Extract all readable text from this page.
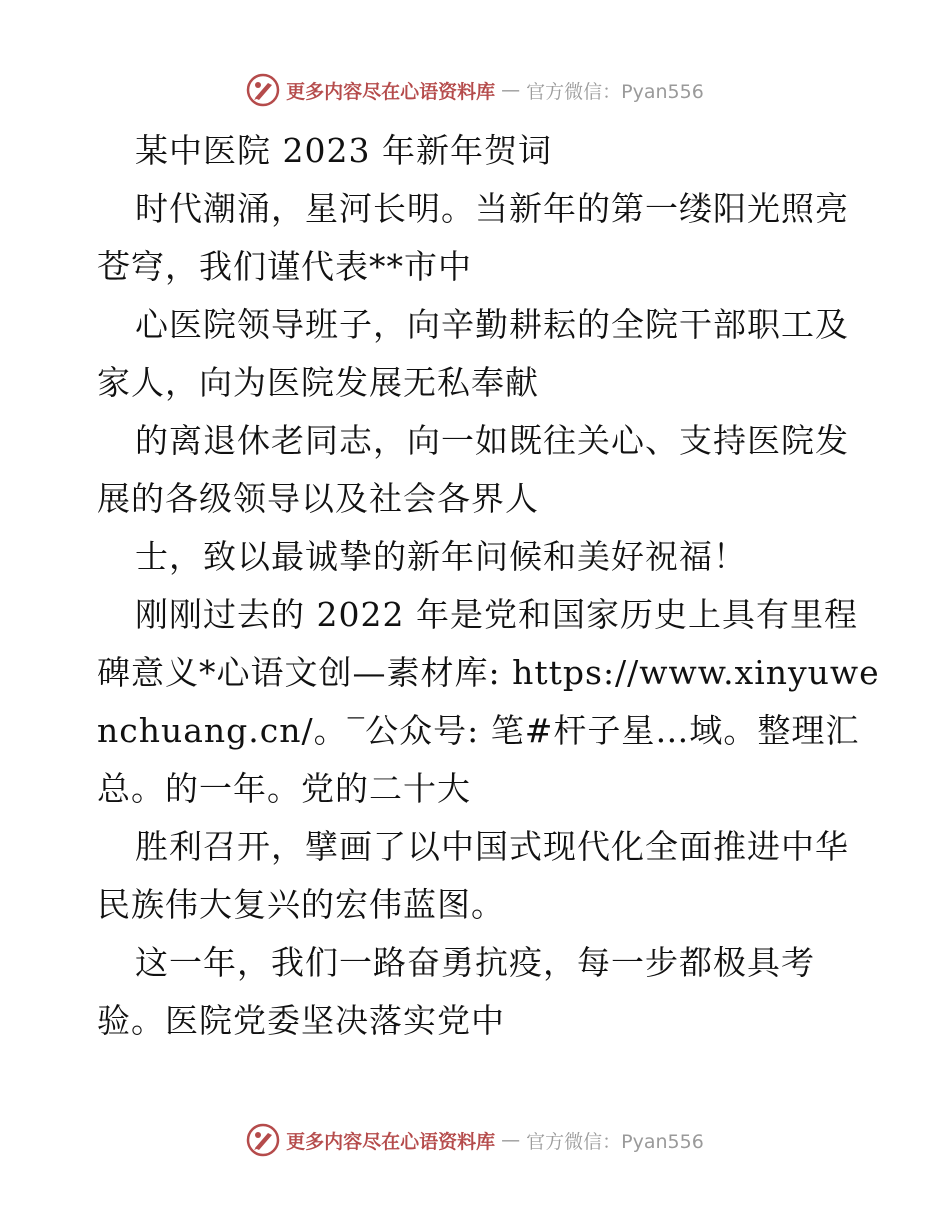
更多内容尽在心语资料库 — 官方微信：Pyan556
某中医院 2023 年新年贺词
时代潮涌，星河长明。当新年的第一缕阳光照亮
苍穹，我们谨代表**市中
心医院领导班子，向辛勤耕耘的全院干部职工及
家人，向为医院发展无私奉献
的离退休老同志，向一如既往关心、支持医院发
展的各级领导以及社会各界人
士，致以最诚挚的新年问候和美好祝福！
刚刚过去的 2022 年是党和国家历史上具有里程
碑意义*心语文创—素材库: https://www.xinyuwe
nchuang.cn/。‾公众号: 笔#杆子星…域。整理汇
总。的一年。党的二十大
胜利召开，擘画了以中国式现代化全面推进中华
民族伟大复兴的宏伟蓝图。
这一年，我们一路奋勇抗疫，每一步都极具考
验。医院党委坚决落实党中
更多内容尽在心语资料库 — 官方微信：Pyan556
